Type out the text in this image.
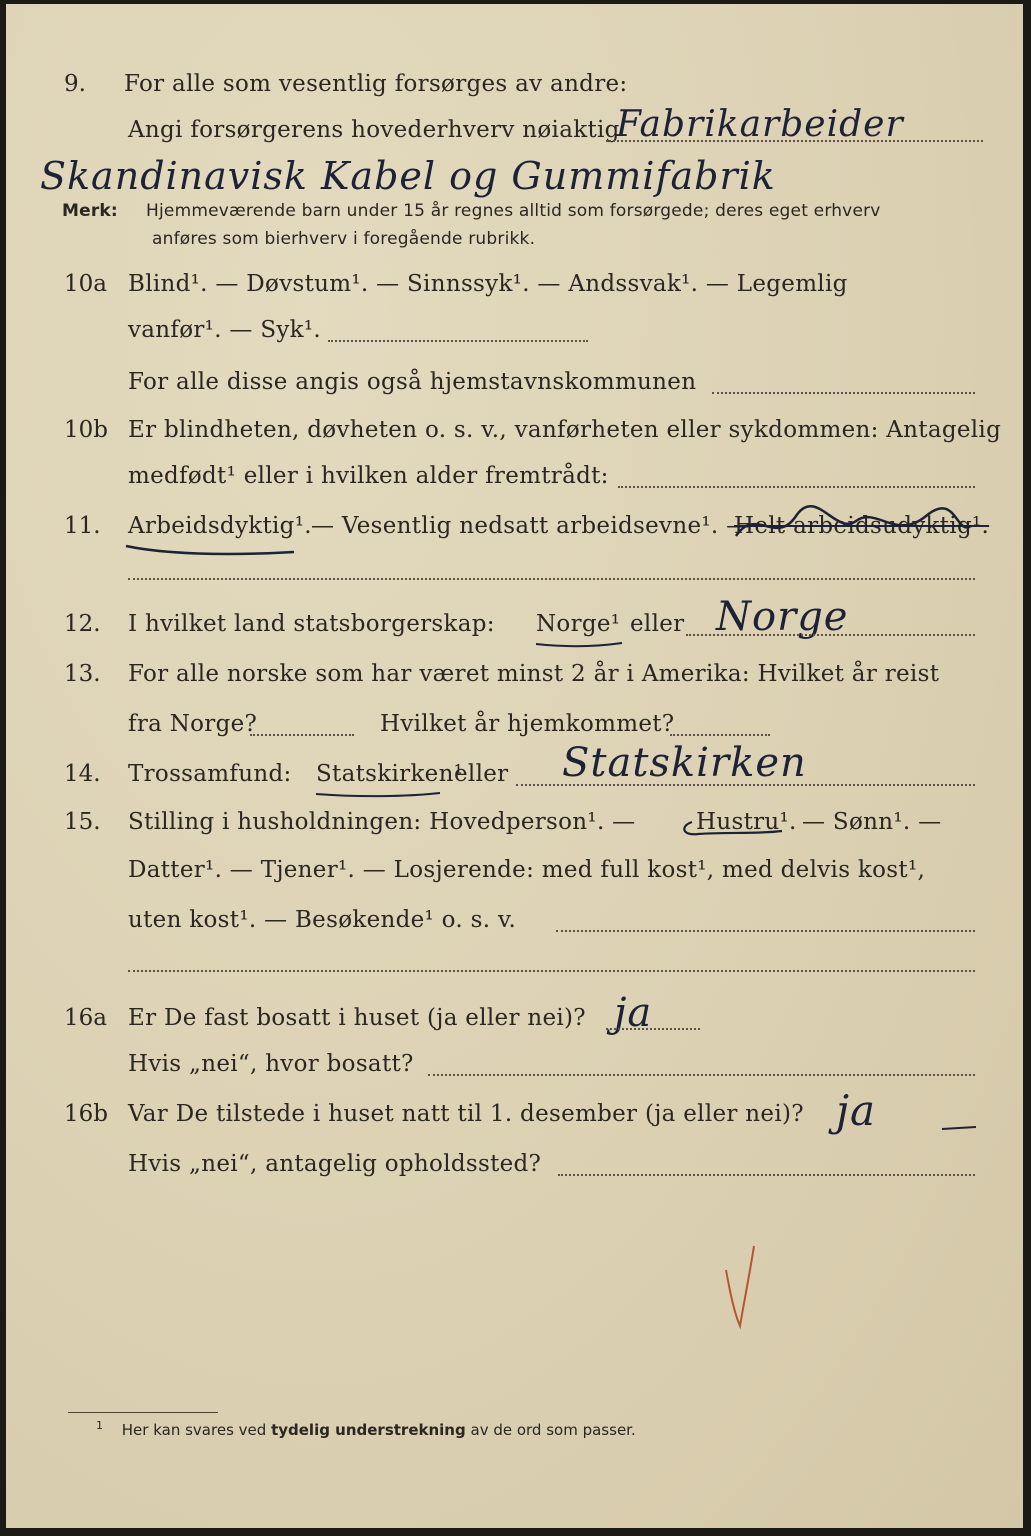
9. For alle som vesentlig forsørges av andre:
Angi forsørgerens hovederhverv nøiaktig
Fabrikarbeider
Skandinavisk Kabel og Gummifabrik
Merk: Hjemmeværende barn under 15 år regnes alltid som forsørgede; deres eget erhverv
anføres som bierhverv i foregående rubrikk.
10a Blind¹. — Døvstum¹. — Sinnssyk¹. — Andssvak¹. — Legemlig
vanfør¹. — Syk¹.
For alle disse angis også hjemstavnskommunen
10b Er blindheten, døvheten o. s. v., vanførheten eller sykdommen: Antagelig
medfødt¹ eller i hvilken alder fremtrådt:
11. Arbeidsdyktig¹. — Vesentlig nedsatt arbeidsevne¹. —
Helt arbeidsudyktig¹.
12. I hvilket land statsborgerskap: Norge¹ eller Norge
13. For alle norske som har været minst 2 år i Amerika: Hvilket år reist
fra Norge?	Hvilket år hjemkommet?
14. Trossamfund: Statskirken¹
eller Statskirken
15. Stilling i husholdningen: Hovedperson¹. —	Hustru¹. — Sønn¹. —
Datter¹. — Tjener¹. — Losjerende: med full kost¹, med delvis kost¹,
uten kost¹. — Besøkende¹ o. s. v.
16a Er De fast bosatt i huset (ja eller nei)? ja
Hvis „nei“, hvor bosatt?
16b Var De tilstede i huset natt til 1. desember (ja eller nei)? ja
Hvis „nei“, antagelig opholdssted?
$^1$ Her kan svares ved tydelig understrekning av de ord som passer.
